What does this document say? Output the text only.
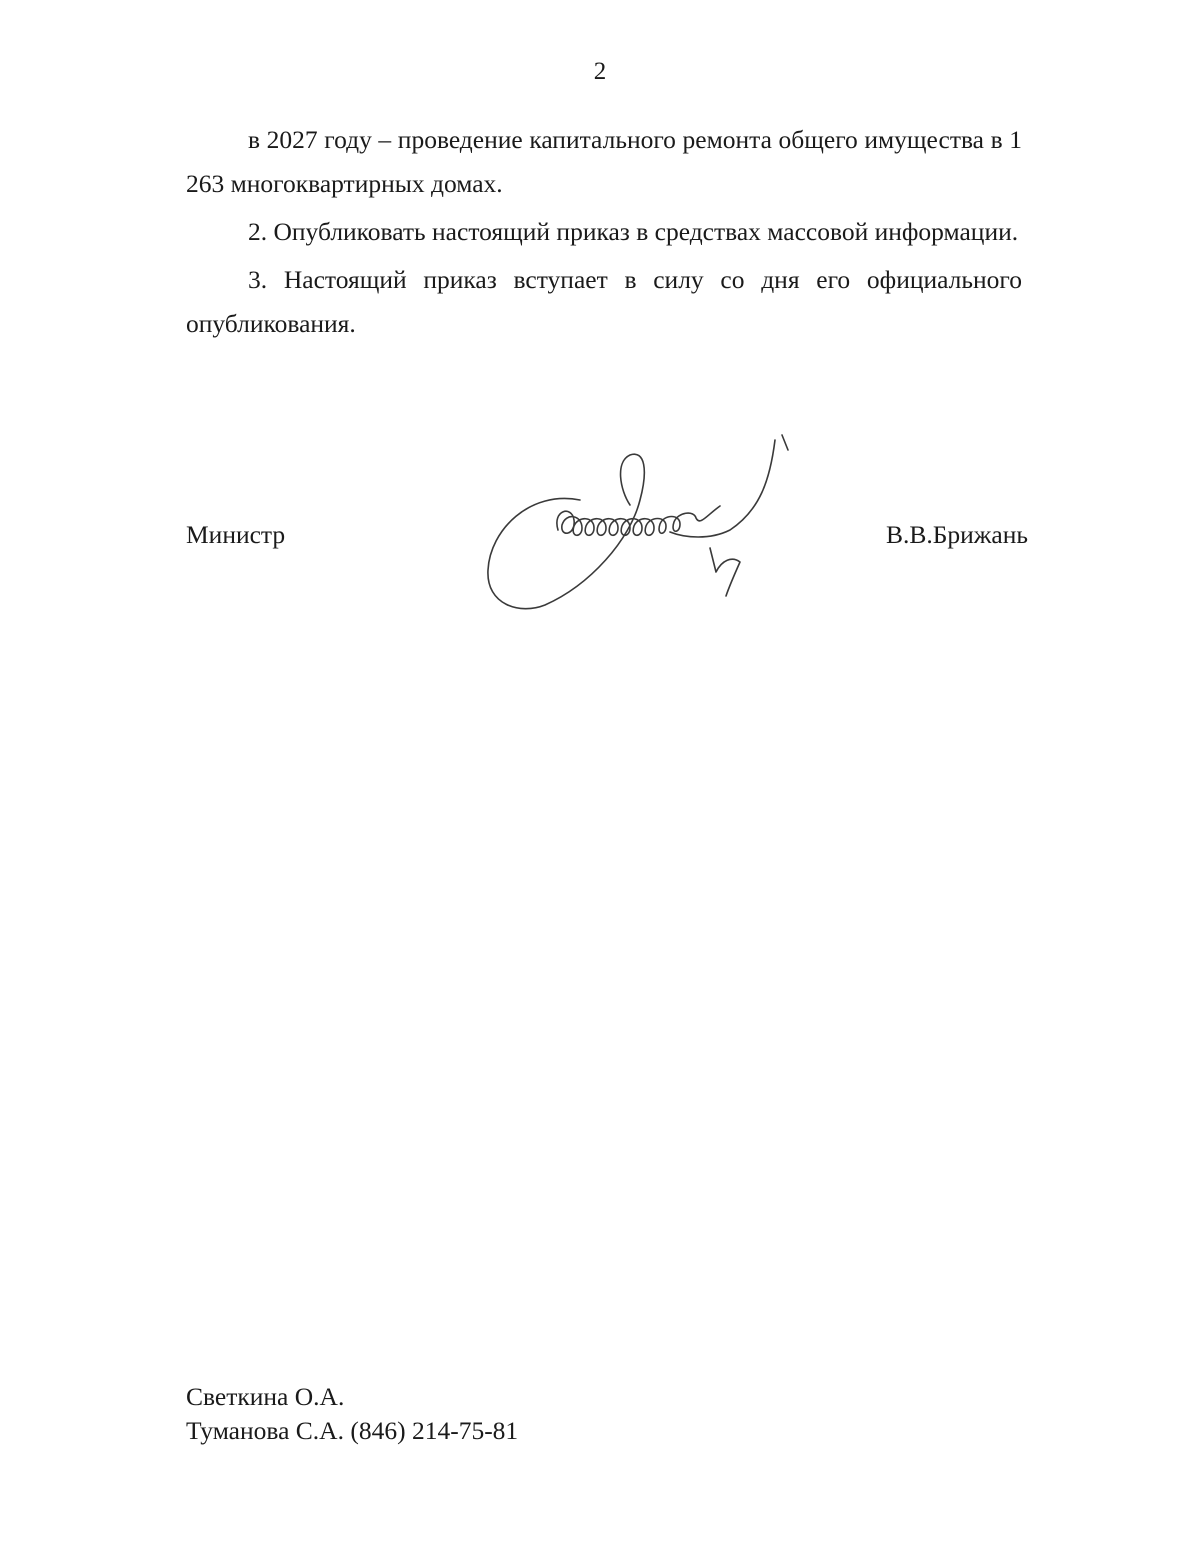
2

в 2027 году – проведение капитального ремонта общего имущества в 1 263 многоквартирных домах.

2. Опубликовать настоящий приказ в средствах массовой информации.

3. Настоящий приказ вступает в силу со дня его официального опубликования.

Министр	В.В.Брижань
Светкина О.А.
Туманова С.А. (846) 214-75-81
